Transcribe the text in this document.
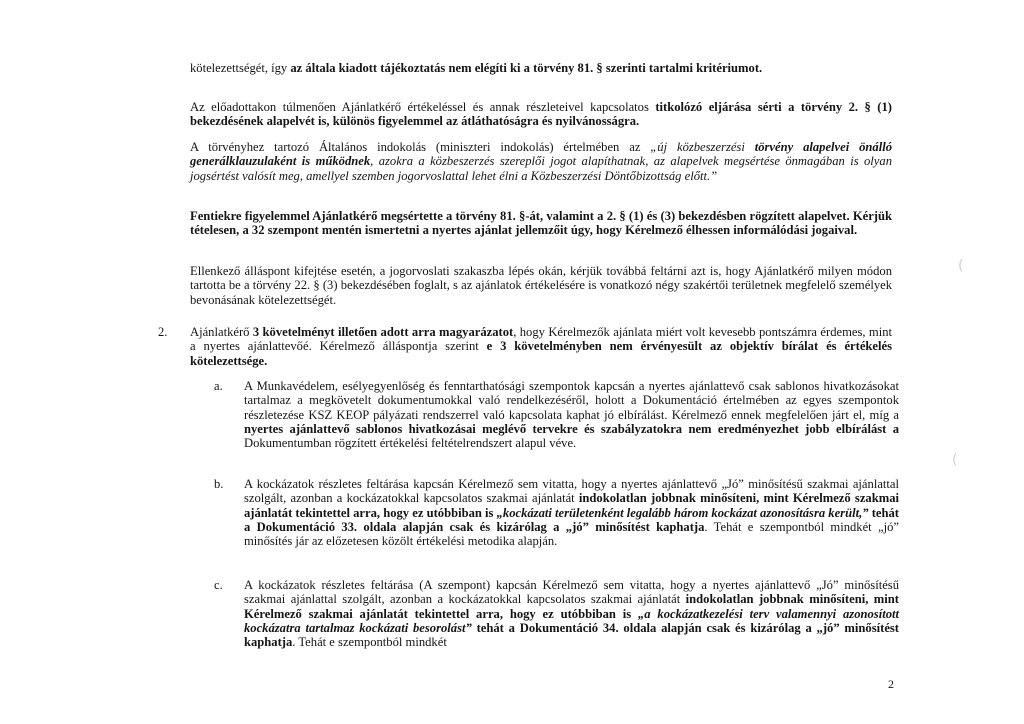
kötelezettségét, így az általa kiadott tájékoztatás nem elégíti ki a törvény 81. § szerinti tartalmi kritériumot.

Az előadottakon túlmenően Ajánlatkérő értékeléssel és annak részleteivel kapcsolatos titkolózó eljárása sérti a törvény 2. § (1) bekezdésének alapelvét is, különös figyelemmel az átláthatóságra és nyilvánosságra.

A törvényhez tartozó Általános indokolás (miniszteri indokolás) értelmében az „új közbeszerzési törvény alapelvei önálló generálklauzulaként is működnek, azokra a közbeszerzés szereplői jogot alapíthatnak, az alapelvek megsértése önmagában is olyan jogsértést valósít meg, amellyel szemben jogorvoslattal lehet élni a Közbeszerzési Döntőbizottság előtt.”

Fentiekre figyelemmel Ajánlatkérő megsértette a törvény 81. §-át, valamint a 2. § (1) és (3) bekezdésben rögzített alapelvet. Kérjük tételesen, a 32 szempont mentén ismertetni a nyertes ajánlat jellemzőit úgy, hogy Kérelmező élhessen informálódási jogaival.

Ellenkező álláspont kifejtése esetén, a jogorvoslati szakaszba lépés okán, kérjük továbbá feltárni azt is, hogy Ajánlatkérő milyen módon tartotta be a törvény 22. § (3) bekezdésében foglalt, s az ajánlatok értékelésére is vonatkozó négy szakértői területnek megfelelő személyek bevonásának kötelezettségét.

2. Ajánlatkérő 3 követelményt illetően adott arra magyarázatot, hogy Kérelmezők ajánlata miért volt kevesebb pontszámra érdemes, mint a nyertes ajánlattevőé. Kérelmező álláspontja szerint e 3 követelményben nem érvényesült az objektív bírálat és értékelés kötelezettsége.

a. A Munkavédelem, esélyegyenlőség és fenntarthatósági szempontok kapcsán a nyertes ajánlattevő csak sablonos hivatkozásokat tartalmaz a megkövetelt dokumentumokkal való rendelkezéséről, holott a Dokumentáció értelmében az egyes szempontok részletezése KSZ KEOP pályázati rendszerrel való kapcsolata kaphat jó elbírálást. Kérelmező ennek megfelelően járt el, míg a nyertes ajánlattevő sablonos hivatkozásai meglévő tervekre és szabályzatokra nem eredményezhet jobb elbírálást a Dokumentumban rögzített értékelési feltételrendszert alapul véve.

b. A kockázatok részletes feltárása kapcsán Kérelmező sem vitatta, hogy a nyertes ajánlattevő „Jó” minősítésű szakmai ajánlattal szolgált, azonban a kockázatokkal kapcsolatos szakmai ajánlatát indokolatlan jobbnak minősíteni, mint Kérelmező szakmai ajánlatát tekintettel arra, hogy ez utóbbiban is „kockázati területenként legalább három kockázat azonosításra került,” tehát a Dokumentáció 33. oldala alapján csak és kizárólag a „jó” minősítést kaphatja. Tehát e szempontból mindkét „jó” minősítés jár az előzetesen közölt értékelési metodika alapján.

c. A kockázatok részletes feltárása (A szempont) kapcsán Kérelmező sem vitatta, hogy a nyertes ajánlattevő „Jó” minősítésű szakmai ajánlattal szolgált, azonban a kockázatokkal kapcsolatos szakmai ajánlatát indokolatlan jobbnak minősíteni, mint Kérelmező szakmai ajánlatát tekintettel arra, hogy ez utóbbiban is „a kockázatkezelési terv valamennyi azonosított kockázatra tartalmaz kockázati besorolást” tehát a Dokumentáció 34. oldala alapján csak és kizárólag a „jó” minősítést kaphatja. Tehát e szempontból mindkét

2
(
(
